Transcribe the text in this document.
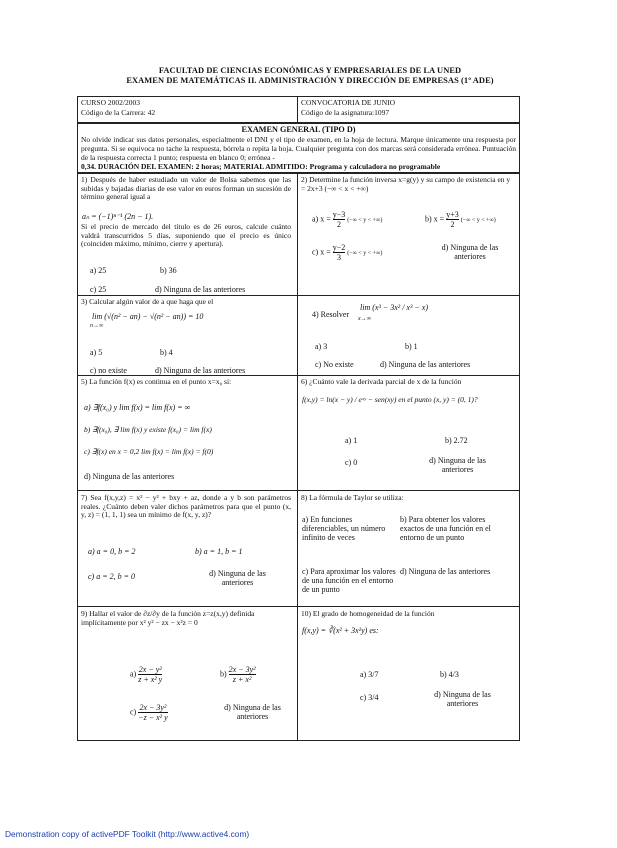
FACULTAD DE CIENCIAS ECONÓMICAS Y EMPRESARIALES DE LA UNED
EXAMEN DE MATEMÁTICAS II. ADMINISTRACIÓN Y DIRECCIÓN DE EMPRESAS (1º ADE)
CURSO 2002/2003
Código de la Carrera: 42
CONVOCATORIA DE JUNIO
Código de la asignatura:1097
EXAMEN GENERAL (TIPO D)
No olvide indicar sus datos personales, especialmente el DNI y el tipo de examen, en la hoja de lectura. Marque únicamente una respuesta por pregunta. Si se equivoca no tache la respuesta, bórrela o repita la hoja. Cualquier pregunta con dos marcas será considerada errónea. Puntuación de la respuesta correcta 1 punto; respuesta en blanco 0; errónea -
0,34. DURACIÓN DEL EXAMEN: 2 horas; MATERIAL ADMITIDO: Programa y calculadora no programable
1) Después de haber estudiado un valor de Bolsa sabemos que las subidas y bajadas diarias de ese valor en euros forman un sucesión de término general igual a
aₙ = (−1)ⁿ⁻¹ (2n − 1).
Si el precio de mercado del título es de 26 euros, calcule cuánto valdrá transcurridos 5 días, suponiendo que el precio es único (coinciden máximo, mínimo, cierre y apertura).
a) 25	b) 36
c) 25	d) Ninguna de las anteriores
2) Determine la función inversa x=g(y) y su campo de existencia en y = 2x+3 (−∞ < x < +∞)
a) $x = \frac{y-3}{2}$ (−∞ < y < +∞)	b) $x = \frac{y+3}{2}$ (−∞ < y < +∞)
c) $x = \frac{y-2}{3}$ (−∞ < y < +∞)
d) Ninguna de las anteriores
3) Calcular algún valor de a que haga que el
lim (√(n² − an) − √(n² − an)) = 10
n→∞
a) 5	b) 4
c) no existe	d) Ninguna de las anteriores
4) Resolver
lim (x³ − 3x² / x³ − x)
x→∞
a) 3	b) 1
c) No existe	d) Ninguna de las anteriores
5) La función f(x) es continua en el punto x=x₀ si:
a) ∃f(x₀) y lim f(x) = lim f(x) = ∞
b) ∃f(x₀), ∃ lim f(x) y existe f(x₀) = lim f(x)
c) ∃f(x) en x = 0,2 lim f(x) = lim f(x) = f(0)
d) Ninguna de las anteriores
6) ¿Cuánto vale la derivada parcial de x de la función
f(x,y) = ln(x − y) / eˣʸ − sen(xy) en el punto (x, y) = (0, 1)?
a) 1	b) 2.72
c) 0	d) Ninguna de las anteriores
7) Sea f(x,y,z) = x² − y² + bxy + az, donde a y b son parámetros reales. ¿Cuánto deben valer dichos parámetros para que el punto (x, y, z) = (1, 1, 1) sea un mínimo de f(x, y, z)?
a) a = 0, b = 2	b) a = 1, b = 1
c) a = 2, b = 0	d) Ninguna de las anteriores
8) La fórmula de Taylor se utiliza:
a) En funciones diferenciables, un número infinito de veces
b) Para obtener los valores exactos de una función en el entorno de un punto
c) Para aproximar los valores de una función en el entorno de un punto
d) Ninguna de las anteriores
9) Hallar el valor de ∂z/∂y de la función z=z(x,y) definida implícitamente por x² y² − zx − x²z = 0
$a) \frac{\text{2x − y²}}{\text{z + x² y}}$	$b) \frac{\text{2x − 3y²}}{\text{z + x²}}$
$c) \frac{\text{2x − 3y²}}{\text{−z − x² y}}$	d) Ninguna de las anteriores
10) El grado de homogeneidad de la función
f(x,y) = ∛(x² + 3x²y) es:
a) 3/7	b) 4/3
c) 3/4	d) Ninguna de las anteriores
Demonstration copy of activePDF Toolkit (http://www.active4.com)
